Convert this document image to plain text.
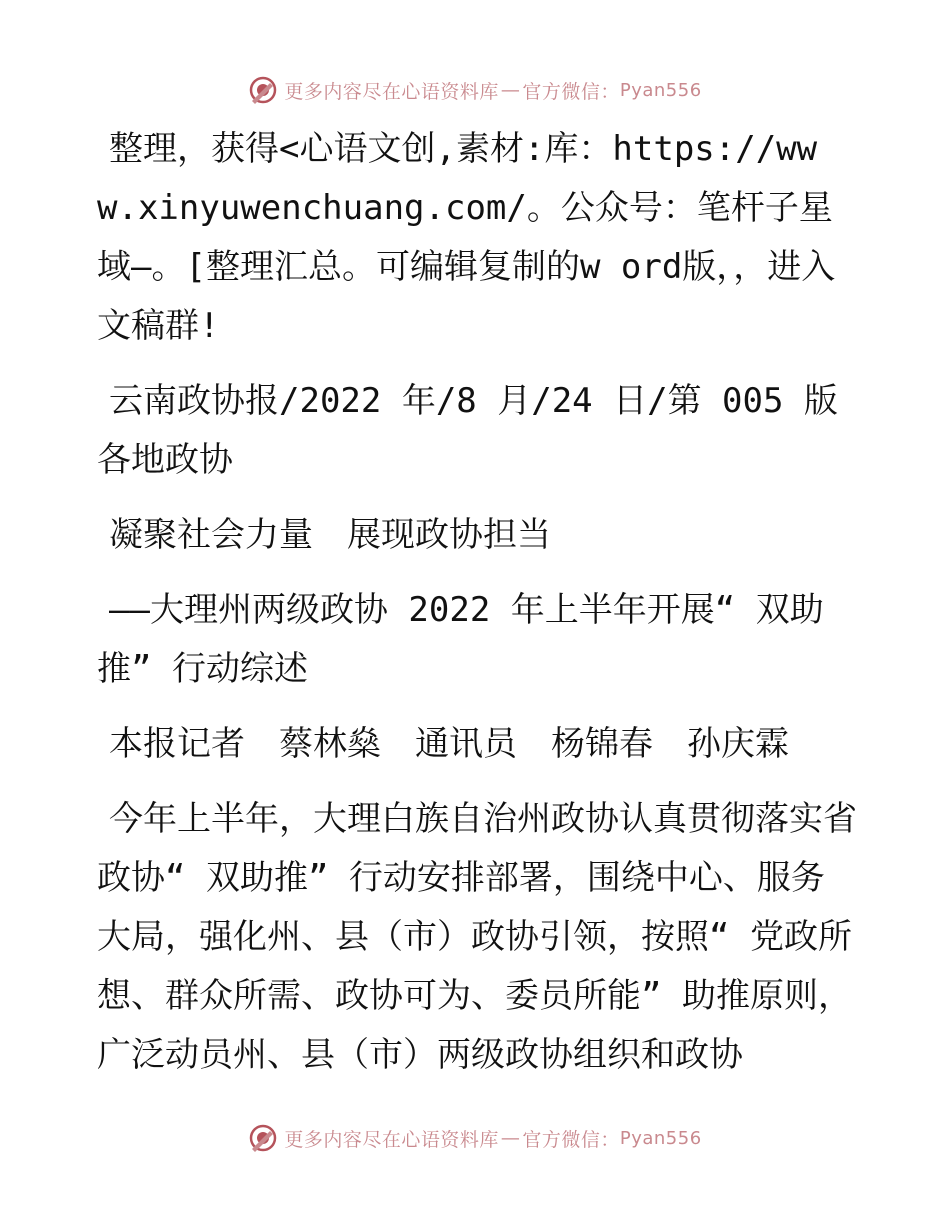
更多内容尽在心语资料库 — 官方微信： Pyan556

整理，获得<心语文创,素材:库：https://www.xinyuwenchuang.com/。公众号：笔杆子星域—。[整理汇总。可编辑复制的w ord版，，进入文稿群!

云南政协报/2022 年/8 月/24 日/第 005 版各地政协

凝聚社会力量　展现政协担当

——大理州两级政协 2022 年上半年开展“ 双助推” 行动综述

本报记者　蔡林燊　通讯员　杨锦春　孙庆霖

今年上半年，大理白族自治州政协认真贯彻落实省政协“ 双助推” 行动安排部署，围绕中心、服务大局，强化州、县（市）政协引领，按照“ 党政所想、群众所需、政协可为、委员所能” 助推原则，广泛动员州、县（市）两级政协组织和政协

更多内容尽在心语资料库 — 官方微信： Pyan556
